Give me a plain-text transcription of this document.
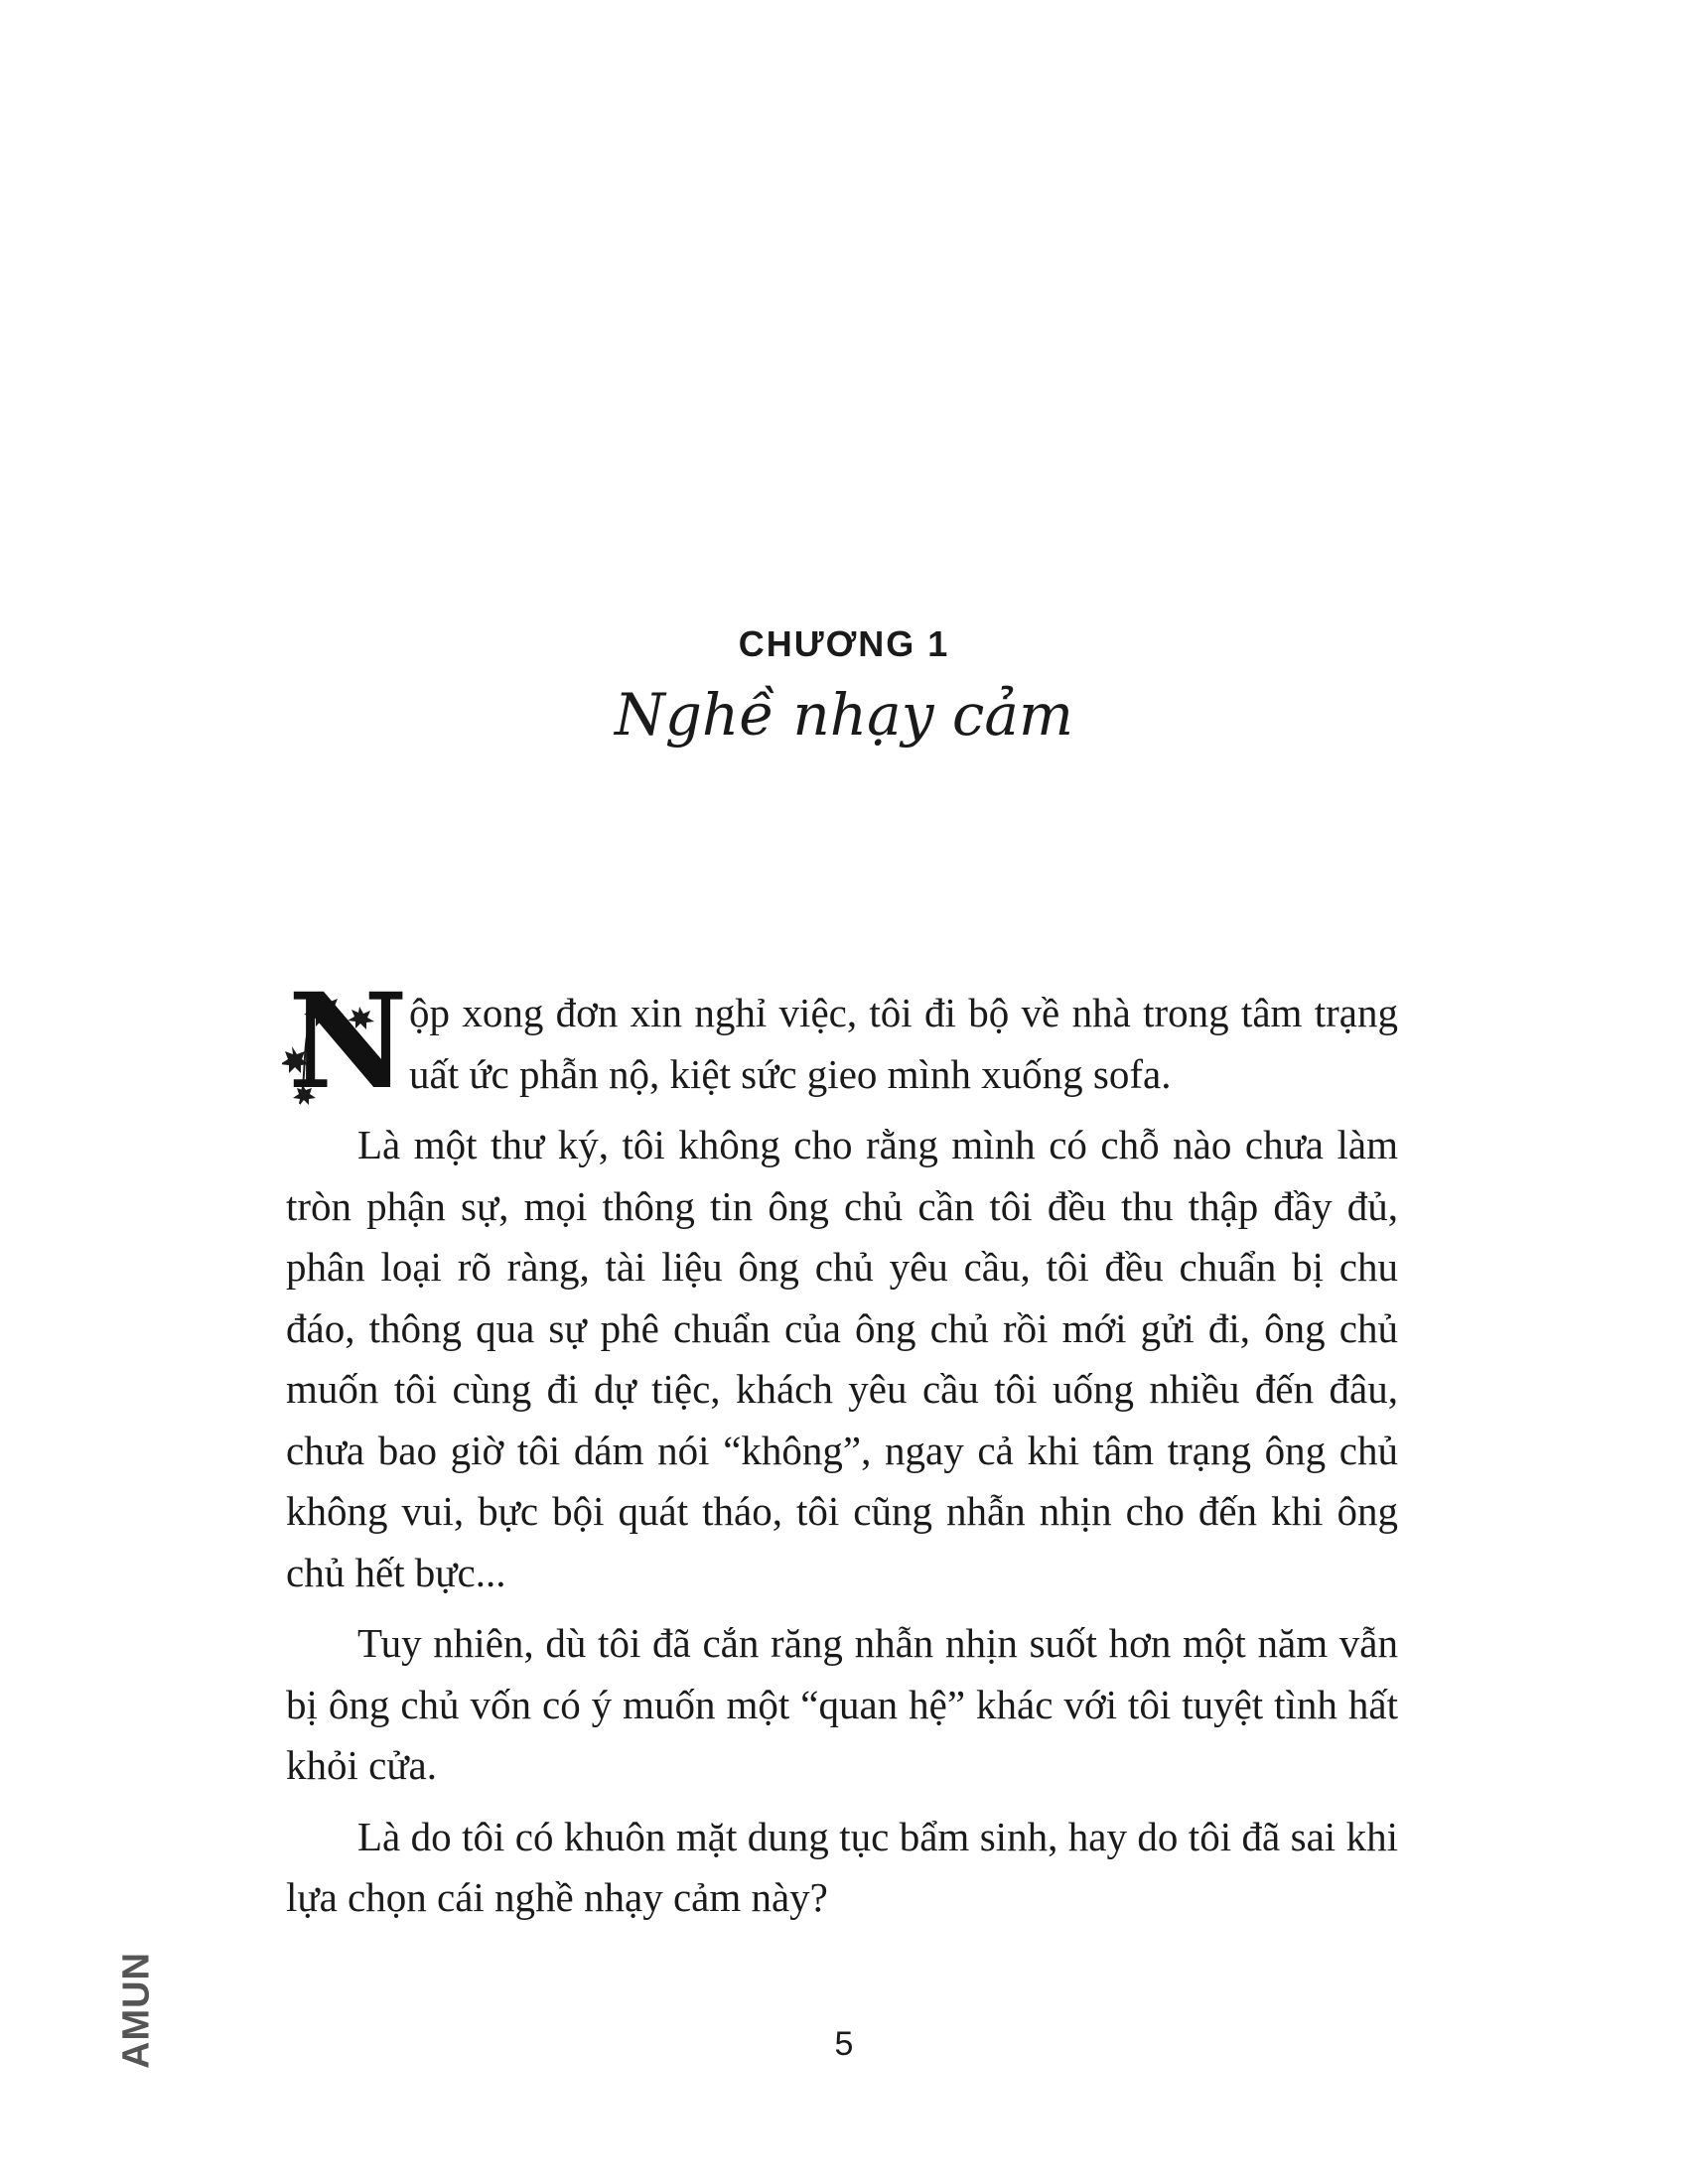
CHƯƠNG 1
Nghề nhạy cảm

N ộp xong đơn xin nghỉ việc, tôi đi bộ về nhà trong tâm trạng uất ức phẫn nộ, kiệt sức gieo mình xuống sofa.

Là một thư ký, tôi không cho rằng mình có chỗ nào chưa làm tròn phận sự, mọi thông tin ông chủ cần tôi đều thu thập đầy đủ, phân loại rõ ràng, tài liệu ông chủ yêu cầu, tôi đều chuẩn bị chu đáo, thông qua sự phê chuẩn của ông chủ rồi mới gửi đi, ông chủ muốn tôi cùng đi dự tiệc, khách yêu cầu tôi uống nhiều đến đâu, chưa bao giờ tôi dám nói “không”, ngay cả khi tâm trạng ông chủ không vui, bực bội quát tháo, tôi cũng nhẫn nhịn cho đến khi ông chủ hết bực...

Tuy nhiên, dù tôi đã cắn răng nhẫn nhịn suốt hơn một năm vẫn bị ông chủ vốn có ý muốn một “quan hệ” khác với tôi tuyệt tình hất khỏi cửa.

Là do tôi có khuôn mặt dung tục bẩm sinh, hay do tôi đã sai khi lựa chọn cái nghề nhạy cảm này?

AMUN	5
